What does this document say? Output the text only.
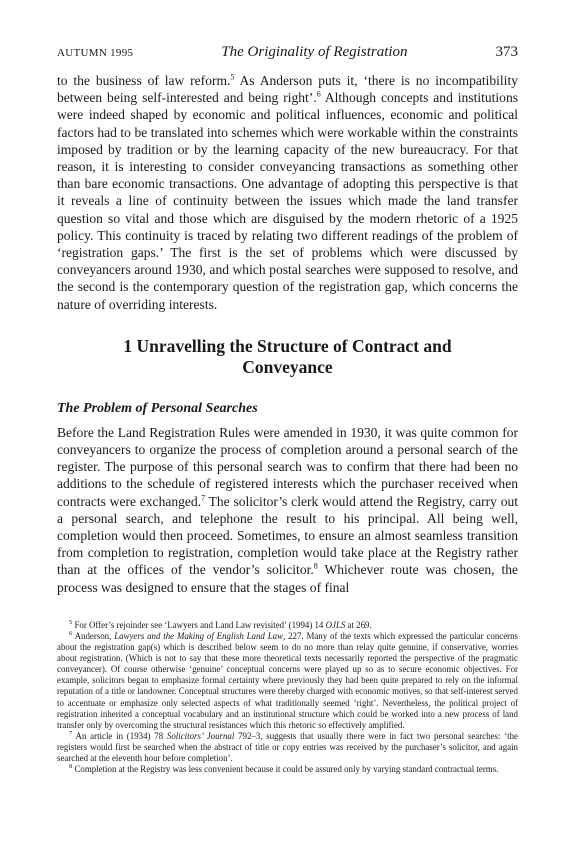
AUTUMN 1995	The Originality of Registration	373

to the business of law reform.$^5$ As Anderson puts it, ‘there is no incompatibility between being self-interested and being right’.$^6$ Although concepts and institutions were indeed shaped by economic and political influences, economic and political factors had to be translated into schemes which were workable within the constraints imposed by tradition or by the learning capacity of the new bureaucracy. For that reason, it is interesting to consider conveyancing transactions as something other than bare economic transactions. One advantage of adopting this perspective is that it reveals a line of continuity between the issues which made the land transfer question so vital and those which are disguised by the modern rhetoric of a 1925 policy. This continuity is traced by relating two different readings of the problem of ‘registration gaps.’ The first is the set of problems which were discussed by conveyancers around 1930, and which postal searches were supposed to resolve, and the second is the contemporary question of the registration gap, which concerns the nature of overriding interests.

1 Unravelling the Structure of Contract and Conveyance
The Problem of Personal Searches

Before the Land Registration Rules were amended in 1930, it was quite common for conveyancers to organize the process of completion around a personal search of the register. The purpose of this personal search was to confirm that there had been no additions to the schedule of registered interests which the purchaser received when contracts were exchanged.$^7$ The solicitor’s clerk would attend the Registry, carry out a personal search, and telephone the result to his principal. All being well, completion would then proceed. Sometimes, to ensure an almost seamless transition from completion to registration, completion would take place at the Registry rather than at the offices of the vendor’s solicitor.$^8$ Whichever route was chosen, the process was designed to ensure that the stages of final

$^5$ For Offer’s rejoinder see ‘Lawyers and Land Law revisited’ (1994) 14 OJLS at 269.

$^6$ Anderson, Lawyers and the Making of English Land Law, 227. Many of the texts which expressed the particular concerns about the registration gap(s) which is described below seem to do no more than relay quite genuine, if conservative, worries about registration. (Which is not to say that these more theoretical texts necessarily reported the perspective of the pragmatic conveyancer). Of course otherwise ‘genuine’ conceptual concerns were played up so as to secure economic objectives. For example, solicitors began to emphasize formal certainty where previously they had been quite prepared to rely on the informal reputation of a title or landowner. Conceptual structures were thereby charged with economic motives, so that self-interest served to accentuate or emphasize only selected aspects of what traditionally seemed ‘right’. Nevertheless, the political project of registration inherited a conceptual vocabulary and an institutional structure which could be worked into a new process of land transfer only by overcoming the structural resistances which this rhetoric so effectively amplified.

$^7$ An article in (1934) 78 Solicitors’ Journal 792–3, suggests that usually there were in fact two personal searches: ‘the registers would first be searched when the abstract of title or copy entries was received by the purchaser’s solicitor, and again searched at the eleventh hour before completion’.

$^8$ Completion at the Registry was less convenient because it could be assured only by varying standard contractual terms.
